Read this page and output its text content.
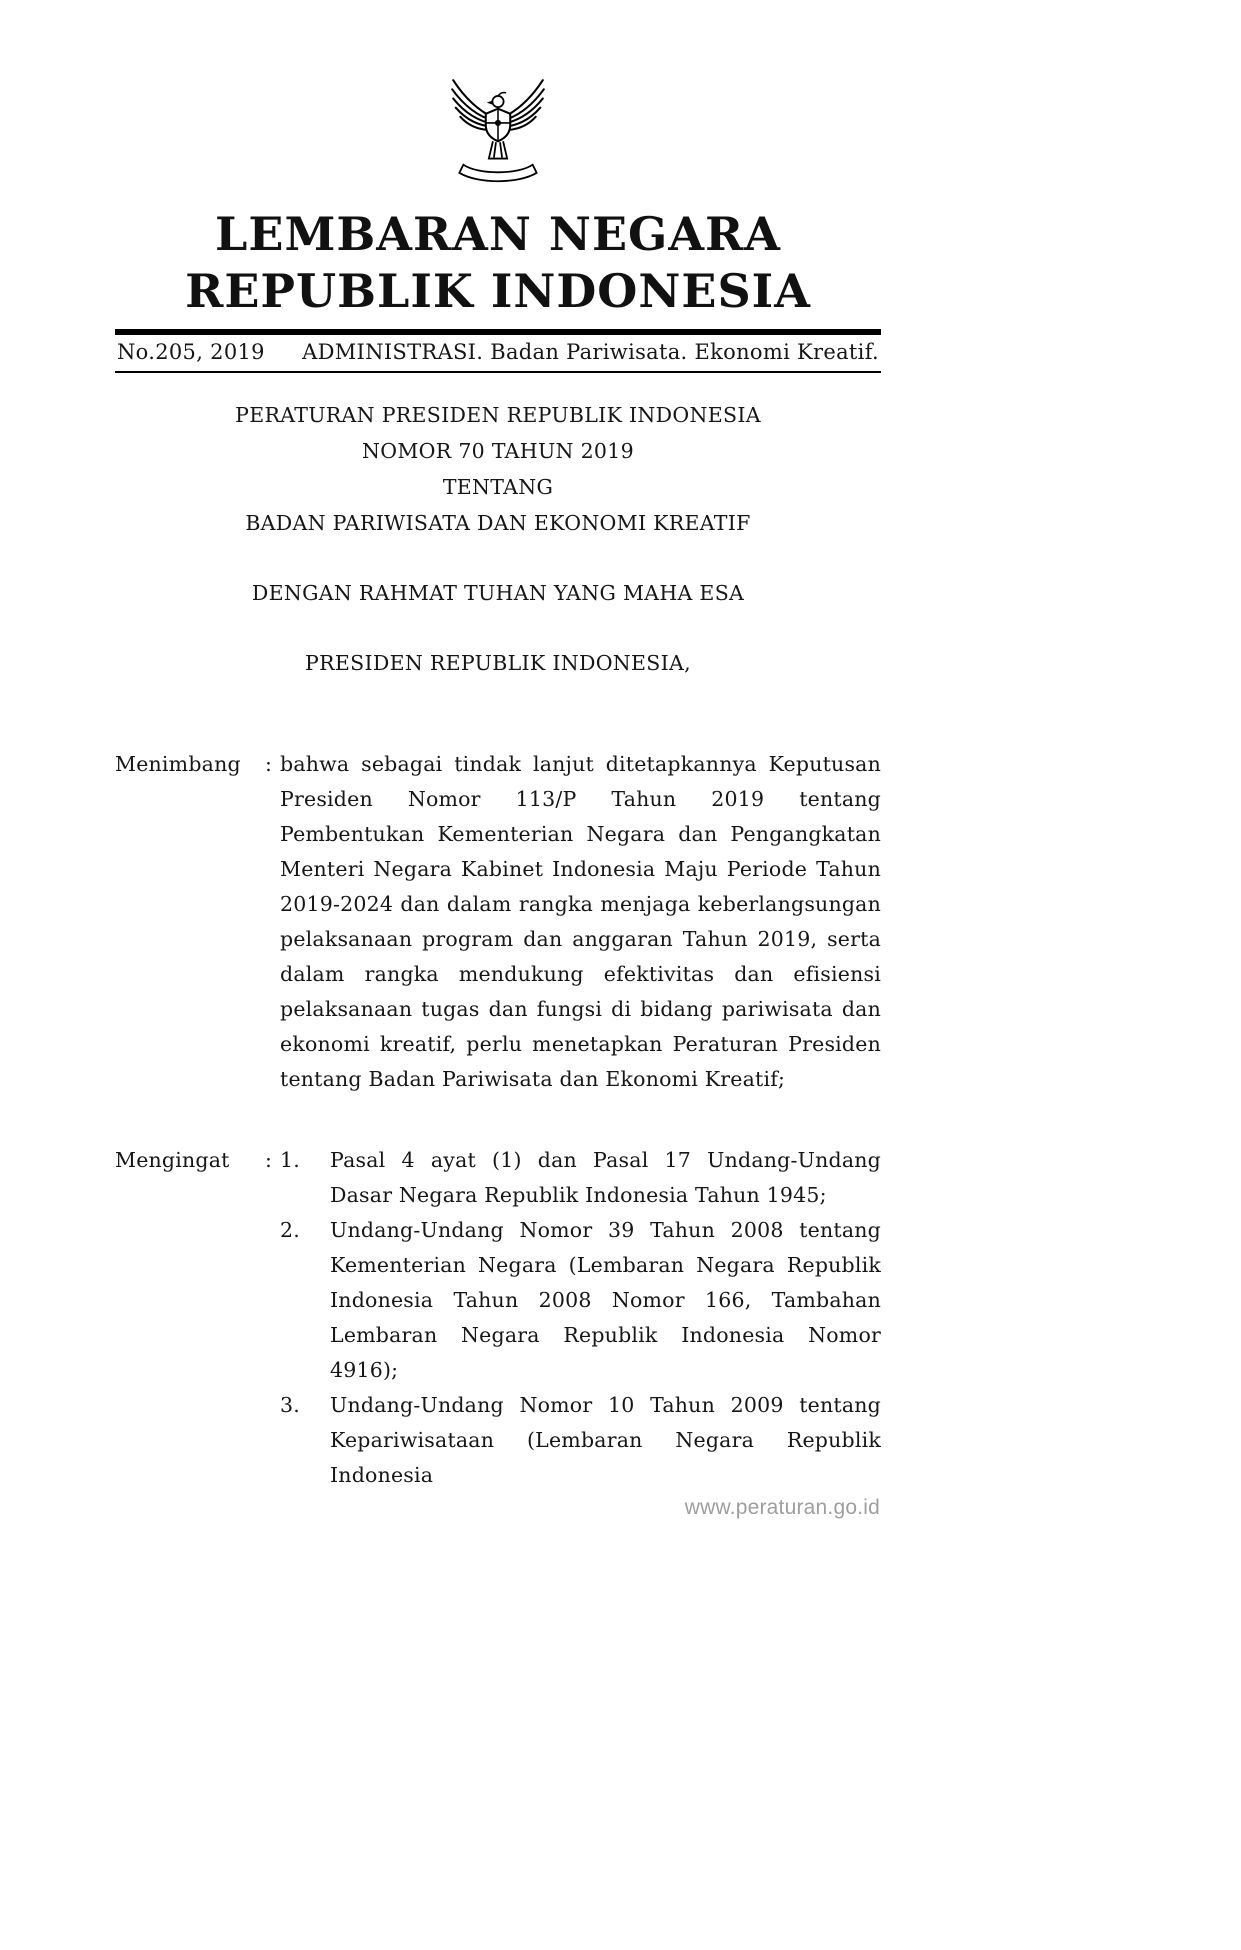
LEMBARAN NEGARA
REPUBLIK INDONESIA
No.205, 2019 ADMINISTRASI. Badan Pariwisata. Ekonomi Kreatif.
PERATURAN PRESIDEN REPUBLIK INDONESIA
NOMOR 70 TAHUN 2019
TENTANG
BADAN PARIWISATA DAN EKONOMI KREATIF
DENGAN RAHMAT TUHAN YANG MAHA ESA
PRESIDEN REPUBLIK INDONESIA,
Menimbang	: bahwa sebagai tindak lanjut ditetapkannya Keputusan Presiden Nomor 113/P Tahun 2019 tentang Pembentukan Kementerian Negara dan Pengangkatan Menteri Negara Kabinet Indonesia Maju Periode Tahun 2019-2024 dan dalam rangka menjaga keberlangsungan pelaksanaan program dan anggaran Tahun 2019, serta dalam rangka mendukung efektivitas dan efisiensi pelaksanaan tugas dan fungsi di bidang pariwisata dan ekonomi kreatif, perlu menetapkan Peraturan Presiden tentang Badan Pariwisata dan Ekonomi Kreatif;
Mengingat	: 1.	Pasal 4 ayat (1) dan Pasal 17 Undang-Undang Dasar Negara Republik Indonesia Tahun 1945;
2.	Undang-Undang Nomor 39 Tahun 2008 tentang Kementerian Negara (Lembaran Negara Republik Indonesia Tahun 2008 Nomor 166, Tambahan Lembaran Negara Republik Indonesia Nomor 4916);
3.	Undang-Undang Nomor 10 Tahun 2009 tentang Kepariwisataan (Lembaran Negara Republik Indonesia
www.peraturan.go.id
